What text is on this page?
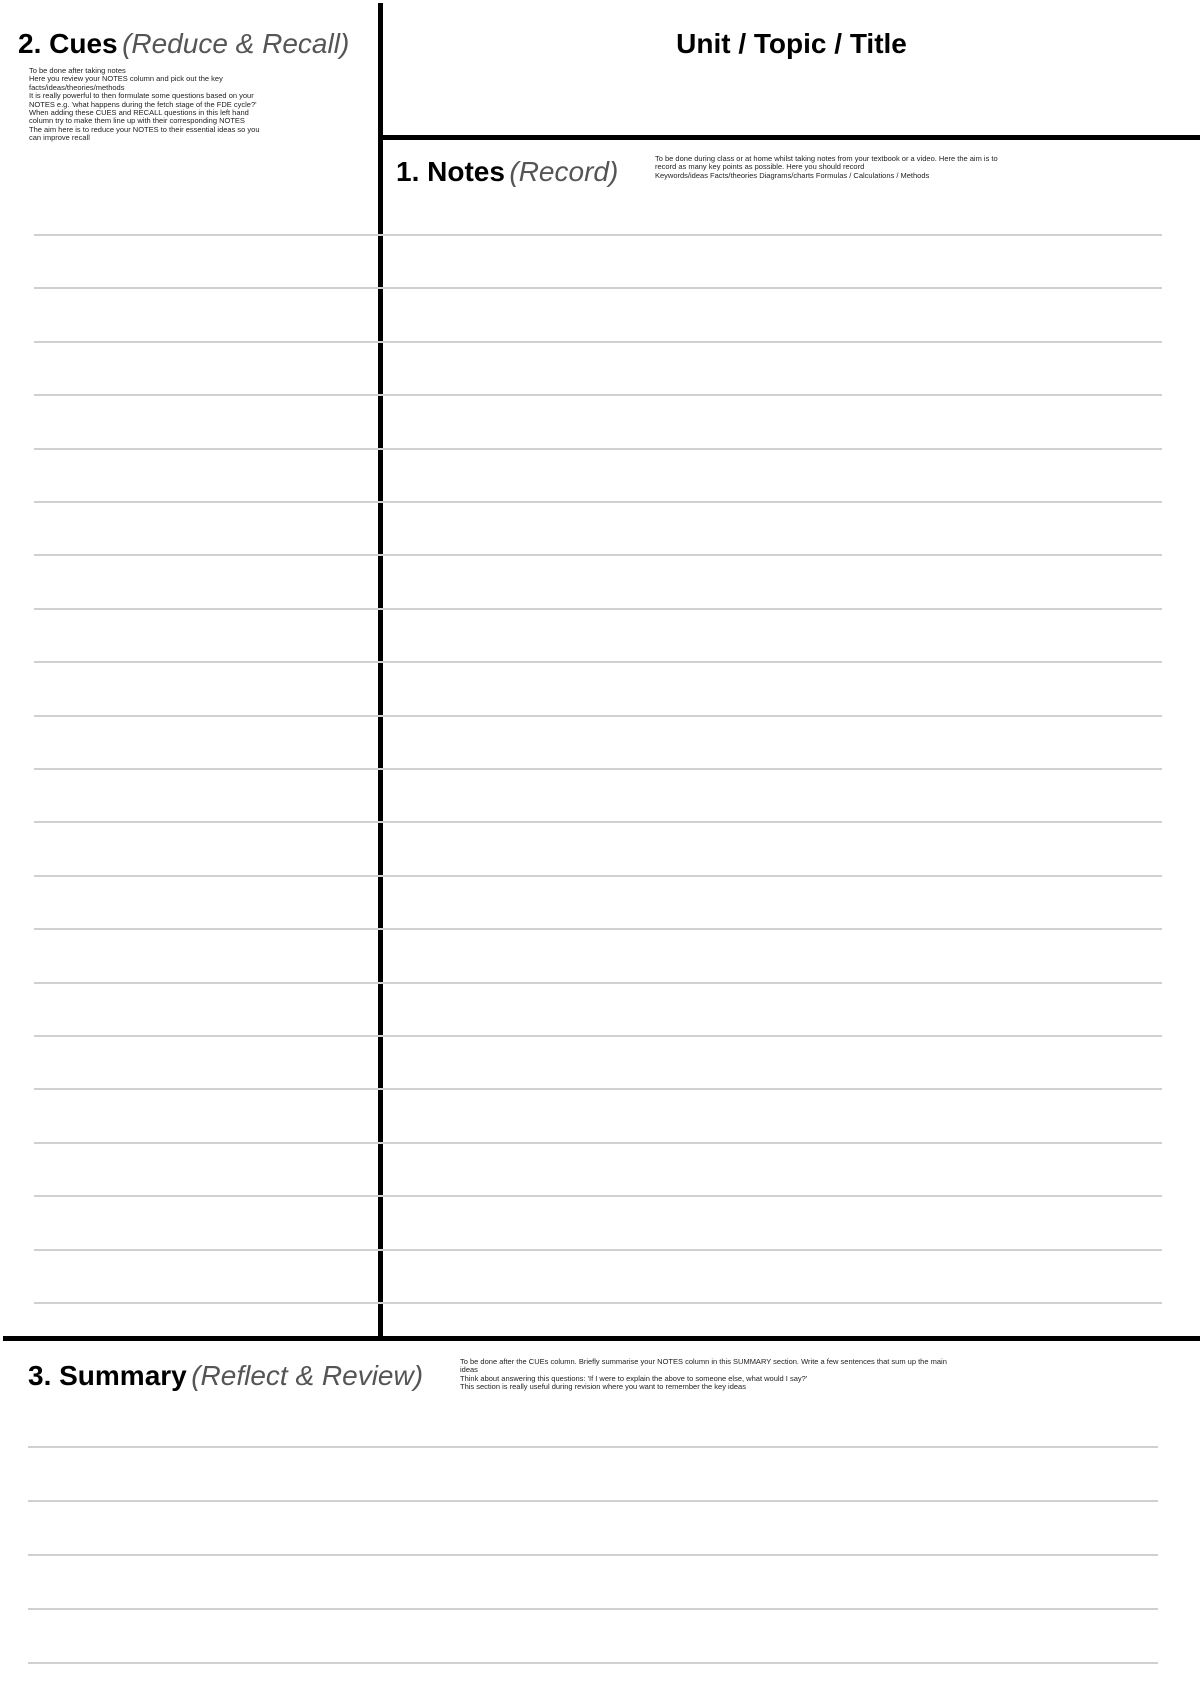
Unit / Topic / Title
2. Cues (Reduce & Recall)
To be done after taking notes
Here you review your NOTES column and pick out the key
facts/ideas/theories/methods
It is really powerful to then formulate some questions based on your
NOTES e.g. 'what happens during the fetch stage of the FDE cycle?'
When adding these CUES and RECALL questions in this left hand
column try to make them line up with their corresponding NOTES
The aim here is to reduce your NOTES to their essential ideas so you
can improve recall
1. Notes (Record)	To be done during class or at home whilst taking notes from your textbook or a video. Here the aim is to
record as many key points as possible. Here you should record
Keywords/ideas Facts/theories Diagrams/charts Formulas / Calculations / Methods
3. Summary (Reflect & Review)	To be done after the CUEs column. Briefly summarise your NOTES column in this SUMMARY section. Write a few sentences that sum up the main
ideas
Think about answering this questions: 'If I were to explain the above to someone else, what would I say?'
This section is really useful during revision where you want to remember the key ideas
